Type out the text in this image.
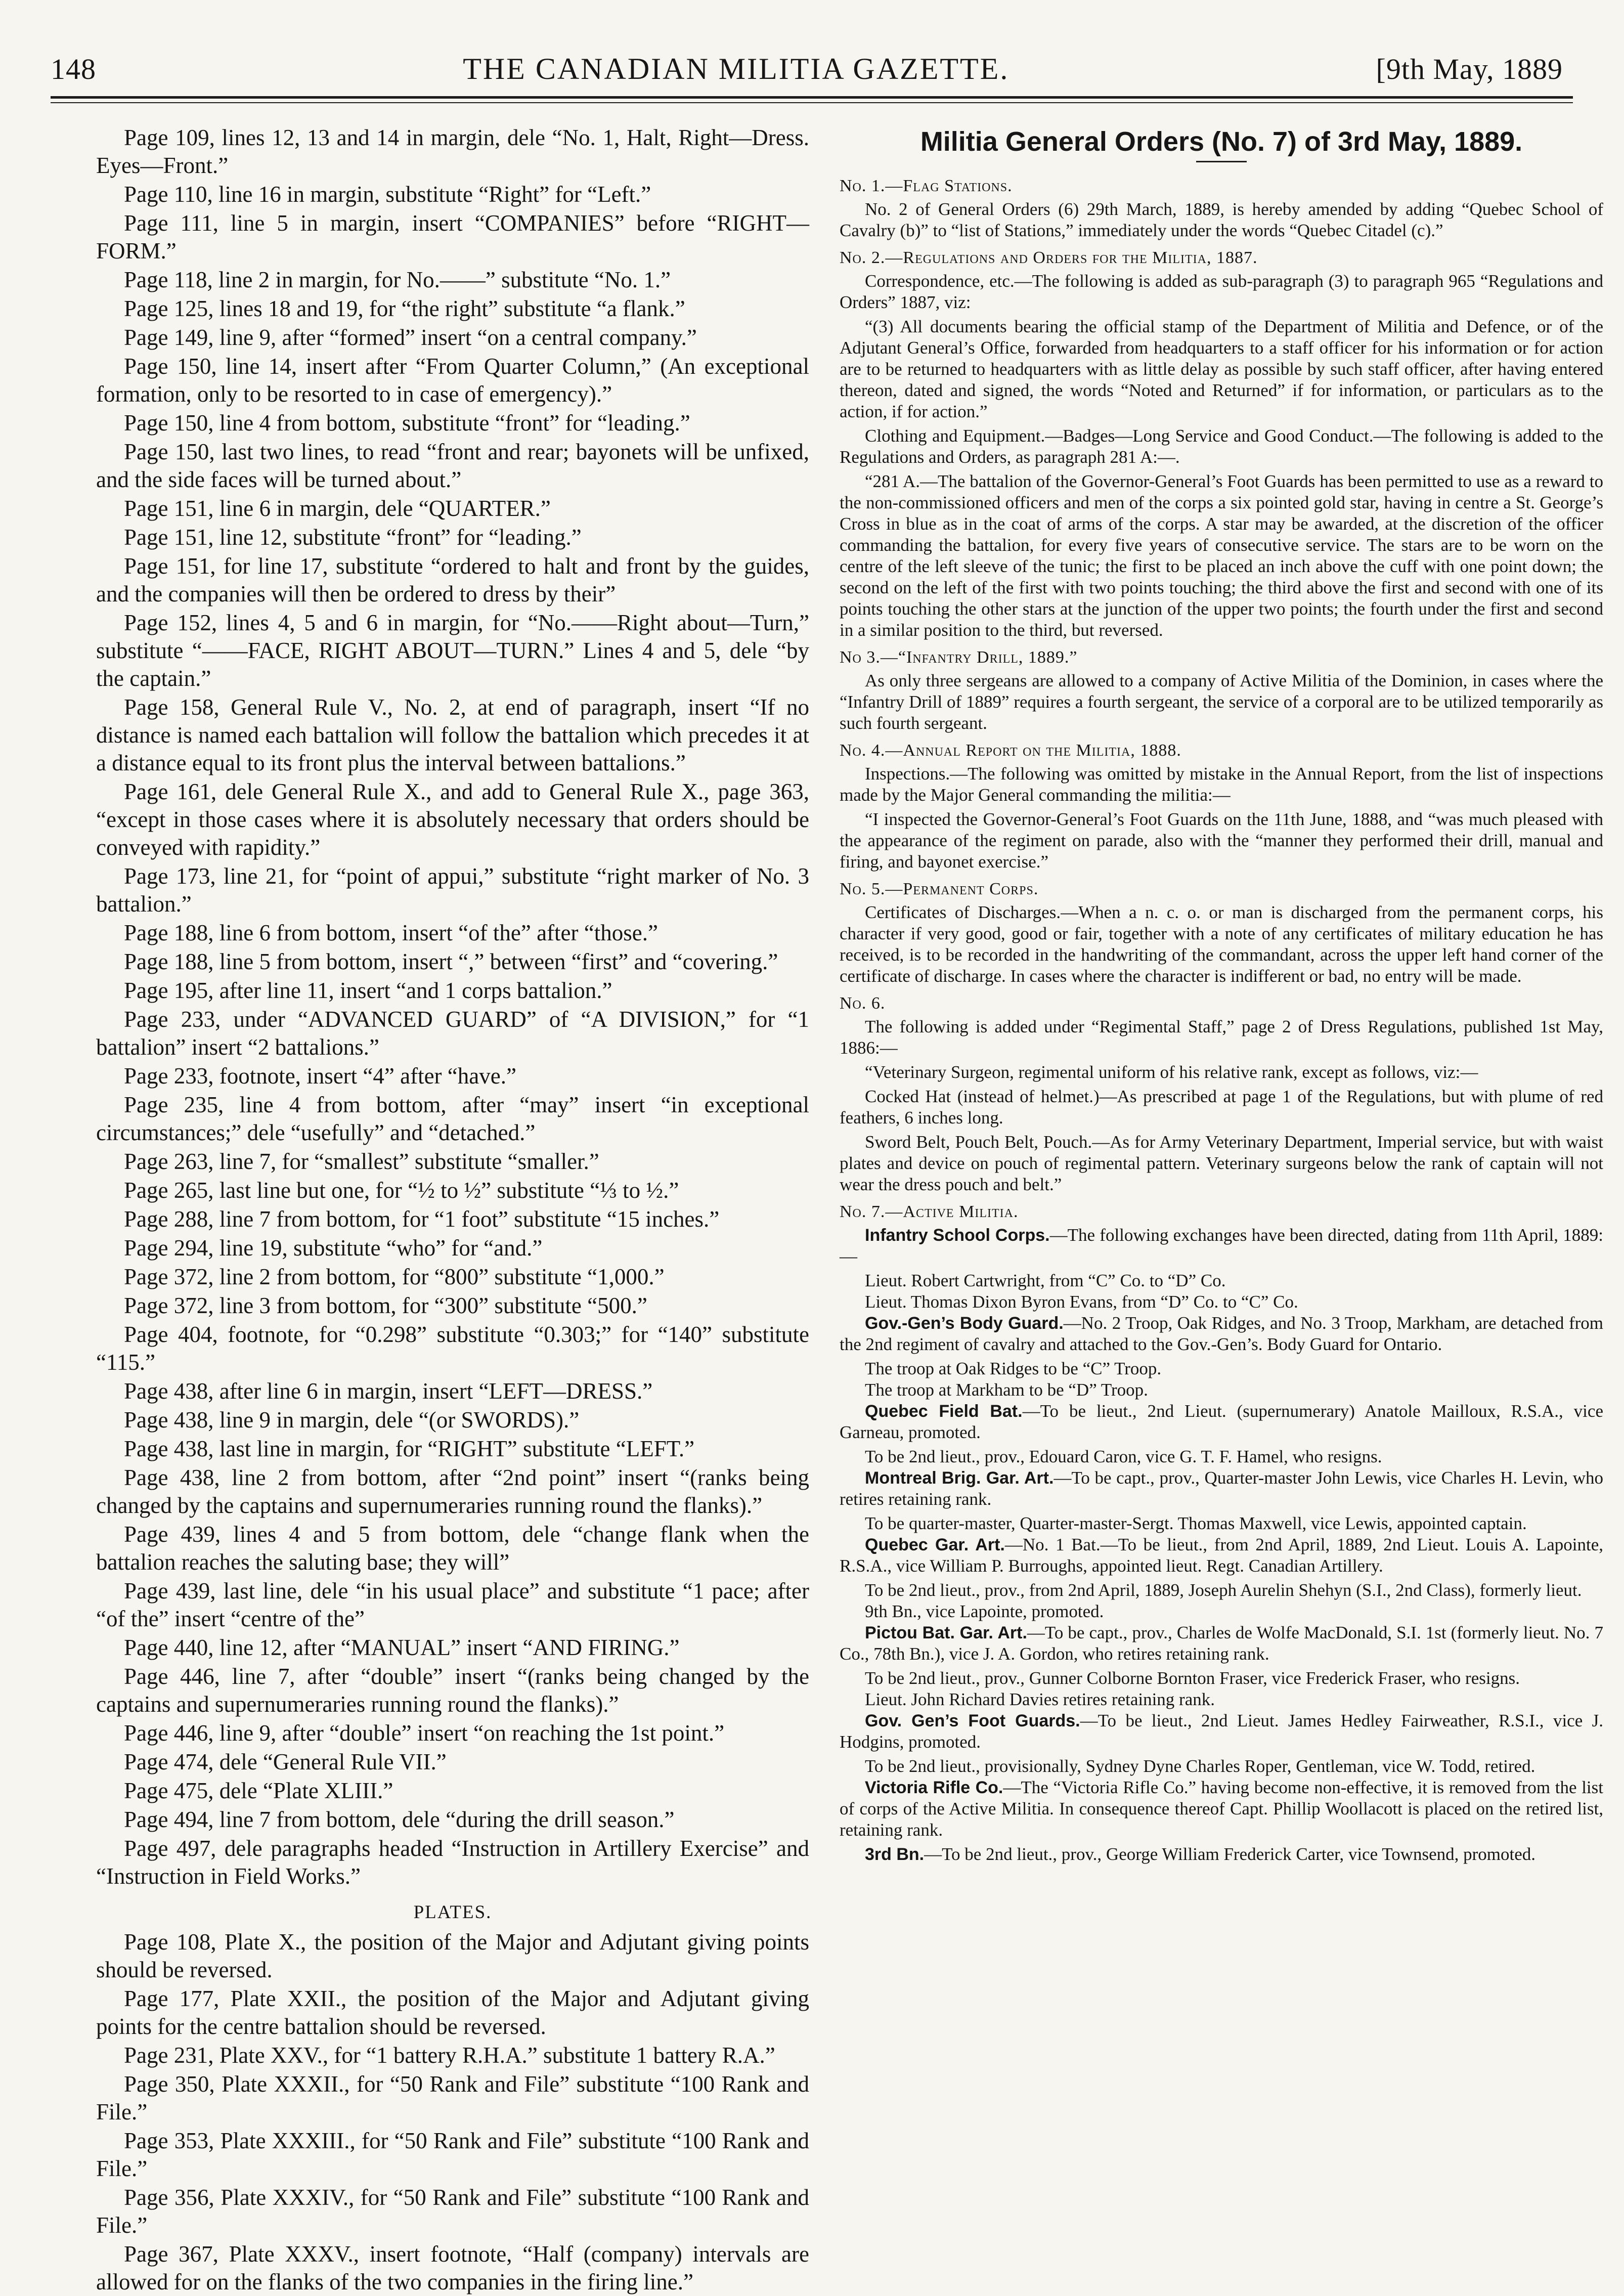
148	THE CANADIAN MILITIA GAZETTE.	[9th May, 1889

Page 109, lines 12, 13 and 14 in margin, dele “No. 1, Halt, Right—Dress. Eyes—Front.”

Page 110, line 16 in margin, substitute “Right” for “Left.”

Page 111, line 5 in margin, insert “COMPANIES” before “RIGHT—FORM.”

Page 118, line 2 in margin, for No.——” substitute “No. 1.”

Page 125, lines 18 and 19, for “the right” substitute “a flank.”

Page 149, line 9, after “formed” insert “on a central company.”

Page 150, line 14, insert after “From Quarter Column,” (An exceptional formation, only to be resorted to in case of emergency).”

Page 150, line 4 from bottom, substitute “front” for “leading.”

Page 150, last two lines, to read “front and rear; bayonets will be unfixed, and the side faces will be turned about.”

Page 151, line 6 in margin, dele “QUARTER.”

Page 151, line 12, substitute “front” for “leading.”

Page 151, for line 17, substitute “ordered to halt and front by the guides, and the companies will then be ordered to dress by their”

Page 152, lines 4, 5 and 6 in margin, for “No.——Right about—Turn,” substitute “——FACE, RIGHT ABOUT—TURN.” Lines 4 and 5, dele “by the captain.”

Page 158, General Rule V., No. 2, at end of paragraph, insert “If no distance is named each battalion will follow the battalion which precedes it at a distance equal to its front plus the interval between battalions.”

Page 161, dele General Rule X., and add to General Rule X., page 363, “except in those cases where it is absolutely necessary that orders should be conveyed with rapidity.”

Page 173, line 21, for “point of appui,” substitute “right marker of No. 3 battalion.”

Page 188, line 6 from bottom, insert “of the” after “those.”

Page 188, line 5 from bottom, insert “,” between “first” and “covering.”

Page 195, after line 11, insert “and 1 corps battalion.”

Page 233, under “ADVANCED GUARD” of “A DIVISION,” for “1 battalion” insert “2 battalions.”

Page 233, footnote, insert “4” after “have.”

Page 235, line 4 from bottom, after “may” insert “in exceptional circumstances;” dele “usefully” and “detached.”

Page 263, line 7, for “smallest” substitute “smaller.”

Page 265, last line but one, for “½ to ½” substitute “⅓ to ½.”

Page 288, line 7 from bottom, for “1 foot” substitute “15 inches.”

Page 294, line 19, substitute “who” for “and.”

Page 372, line 2 from bottom, for “800” substitute “1,000.”

Page 372, line 3 from bottom, for “300” substitute “500.”

Page 404, footnote, for “0.298” substitute “0.303;” for “140” substitute “115.”

Page 438, after line 6 in margin, insert “LEFT—DRESS.”

Page 438, line 9 in margin, dele “(or SWORDS).”

Page 438, last line in margin, for “RIGHT” substitute “LEFT.”

Page 438, line 2 from bottom, after “2nd point” insert “(ranks being changed by the captains and supernumeraries running round the flanks).”

Page 439, lines 4 and 5 from bottom, dele “change flank when the battalion reaches the saluting base; they will”

Page 439, last line, dele “in his usual place” and substitute “1 pace; after “of the” insert “centre of the”

Page 440, line 12, after “MANUAL” insert “AND FIRING.”

Page 446, line 7, after “double” insert “(ranks being changed by the captains and supernumeraries running round the flanks).”

Page 446, line 9, after “double” insert “on reaching the 1st point.”

Page 474, dele “General Rule VII.”

Page 475, dele “Plate XLIII.”

Page 494, line 7 from bottom, dele “during the drill season.”

Page 497, dele paragraphs headed “Instruction in Artillery Exercise” and “Instruction in Field Works.”

PLATES.

Page 108, Plate X., the position of the Major and Adjutant giving points should be reversed.

Page 177, Plate XXII., the position of the Major and Adjutant giving points for the centre battalion should be reversed.

Page 231, Plate XXV., for “1 battery R.H.A.” substitute 1 battery R.A.”

Page 350, Plate XXXII., for “50 Rank and File” substitute “100 Rank and File.”

Page 353, Plate XXXIII., for “50 Rank and File” substitute “100 Rank and File.”

Page 356, Plate XXXIV., for “50 Rank and File” substitute “100 Rank and File.”

Page 367, Plate XXXV., insert footnote, “Half (company) intervals are allowed for on the flanks of the two companies in the firing line.”

Militia General Orders (No. 7) of 3rd May, 1889.
No. 1.—Flag Stations.

No. 2 of General Orders (6) 29th March, 1889, is hereby amended by adding “Quebec School of Cavalry (b)” to “list of Stations,” immediately under the words “Quebec Citadel (c).”

No. 2.—Regulations and Orders for the Militia, 1887.

Correspondence, etc.—The following is added as sub-paragraph (3) to paragraph 965 “Regulations and Orders” 1887, viz:

“(3) All documents bearing the official stamp of the Department of Militia and Defence, or of the Adjutant General’s Office, forwarded from headquarters to a staff officer for his information or for action are to be returned to headquarters with as little delay as possible by such staff officer, after having entered thereon, dated and signed, the words “Noted and Returned” if for information, or particulars as to the action, if for action.”

Clothing and Equipment.—Badges—Long Service and Good Conduct.—The following is added to the Regulations and Orders, as paragraph 281 A:—.

“281 A.—The battalion of the Governor-General’s Foot Guards has been permitted to use as a reward to the non-commissioned officers and men of the corps a six pointed gold star, having in centre a St. George’s Cross in blue as in the coat of arms of the corps. A star may be awarded, at the discretion of the officer commanding the battalion, for every five years of consecutive service. The stars are to be worn on the centre of the left sleeve of the tunic; the first to be placed an inch above the cuff with one point down; the second on the left of the first with two points touching; the third above the first and second with one of its points touching the other stars at the junction of the upper two points; the fourth under the first and second in a similar position to the third, but reversed.

No 3.—“Infantry Drill, 1889.”

As only three sergeans are allowed to a company of Active Militia of the Dominion, in cases where the “Infantry Drill of 1889” requires a fourth sergeant, the service of a corporal are to be utilized temporarily as such fourth sergeant.

No. 4.—Annual Report on the Militia, 1888.

Inspections.—The following was omitted by mistake in the Annual Report, from the list of inspections made by the Major General commanding the militia:—

“I inspected the Governor-General’s Foot Guards on the 11th June, 1888, and “was much pleased with the appearance of the regiment on parade, also with the “manner they performed their drill, manual and firing, and bayonet exercise.”

No. 5.—Permanent Corps.

Certificates of Discharges.—When a n. c. o. or man is discharged from the permanent corps, his character if very good, good or fair, together with a note of any certificates of military education he has received, is to be recorded in the handwriting of the commandant, across the upper left hand corner of the certificate of discharge. In cases where the character is indifferent or bad, no entry will be made.

No. 6.

The following is added under “Regimental Staff,” page 2 of Dress Regulations, published 1st May, 1886:—

“Veterinary Surgeon, regimental uniform of his relative rank, except as follows, viz:—

Cocked Hat (instead of helmet.)—As prescribed at page 1 of the Regulations, but with plume of red feathers, 6 inches long.

Sword Belt, Pouch Belt, Pouch.—As for Army Veterinary Department, Imperial service, but with waist plates and device on pouch of regimental pattern. Veterinary surgeons below the rank of captain will not wear the dress pouch and belt.”

No. 7.—Active Militia.

Infantry School Corps.—The following exchanges have been directed, dating from 11th April, 1889:—

Lieut. Robert Cartwright, from “C” Co. to “D” Co.

Lieut. Thomas Dixon Byron Evans, from “D” Co. to “C” Co.

Gov.-Gen’s Body Guard.—No. 2 Troop, Oak Ridges, and No. 3 Troop, Markham, are detached from the 2nd regiment of cavalry and attached to the Gov.-Gen’s. Body Guard for Ontario.

The troop at Oak Ridges to be “C” Troop.

The troop at Markham to be “D” Troop.

Quebec Field Bat.—To be lieut., 2nd Lieut. (supernumerary) Anatole Mailloux, R.S.A., vice Garneau, promoted.

To be 2nd lieut., prov., Edouard Caron, vice G. T. F. Hamel, who resigns.

Montreal Brig. Gar. Art.—To be capt., prov., Quarter-master John Lewis, vice Charles H. Levin, who retires retaining rank.

To be quarter-master, Quarter-master-Sergt. Thomas Maxwell, vice Lewis, appointed captain.

Quebec Gar. Art.—No. 1 Bat.—To be lieut., from 2nd April, 1889, 2nd Lieut. Louis A. Lapointe, R.S.A., vice William P. Burroughs, appointed lieut. Regt. Canadian Artillery.

To be 2nd lieut., prov., from 2nd April, 1889, Joseph Aurelin Shehyn (S.I., 2nd Class), formerly lieut. 9th Bn., vice Lapointe, promoted.

Pictou Bat. Gar. Art.—To be capt., prov., Charles de Wolfe MacDonald, S.I. 1st (formerly lieut. No. 7 Co., 78th Bn.), vice J. A. Gordon, who retires retaining rank.

To be 2nd lieut., prov., Gunner Colborne Bornton Fraser, vice Frederick Fraser, who resigns.

Lieut. John Richard Davies retires retaining rank.

Gov. Gen’s Foot Guards.—To be lieut., 2nd Lieut. James Hedley Fairweather, R.S.I., vice J. Hodgins, promoted.

To be 2nd lieut., provisionally, Sydney Dyne Charles Roper, Gentleman, vice W. Todd, retired.

Victoria Rifle Co.—The “Victoria Rifle Co.” having become non-effective, it is removed from the list of corps of the Active Militia. In consequence thereof Capt. Phillip Woollacott is placed on the retired list, retaining rank.

3rd Bn.—To be 2nd lieut., prov., George William Frederick Carter, vice Townsend, promoted.
